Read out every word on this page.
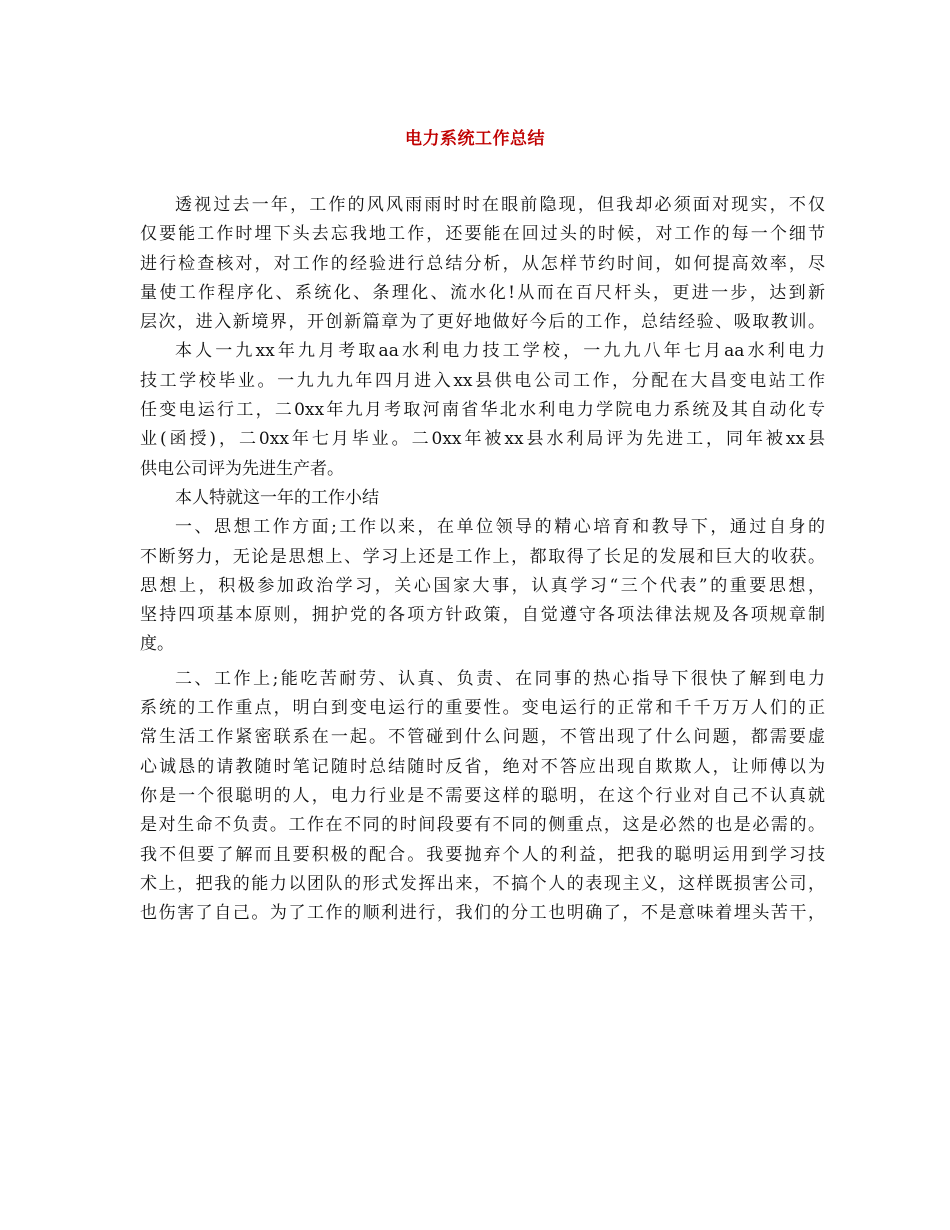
电力系统工作总结
透视过去一年，工作的风风雨雨时时在眼前隐现，但我却必须面对现实，不仅
仅要能工作时埋下头去忘我地工作，还要能在回过头的时候，对工作的每一个细节
进行检查核对，对工作的经验进行总结分析，从怎样节约时间，如何提高效率，尽
量使工作程序化、系统化、条理化、流水化!从而在百尺杆头，更进一步，达到新
层次，进入新境界，开创新篇章为了更好地做好今后的工作，总结经验、吸取教训。
本人一九xx年九月考取aa水利电力技工学校，一九九八年七月aa水利电力
技工学校毕业。一九九九年四月进入xx县供电公司工作，分配在大昌变电站工作
任变电运行工，二0xx年九月考取河南省华北水利电力学院电力系统及其自动化专
业(函授)，二0xx年七月毕业。二0xx年被xx县水利局评为先进工，同年被xx县
供电公司评为先进生产者。
本人特就这一年的工作小结
一、思想工作方面;工作以来，在单位领导的精心培育和教导下，通过自身的
不断努力，无论是思想上、学习上还是工作上，都取得了长足的发展和巨大的收获。
思想上，积极参加政治学习，关心国家大事，认真学习“三个代表”的重要思想，
坚持四项基本原则，拥护党的各项方针政策，自觉遵守各项法律法规及各项规章制
度。
二、工作上;能吃苦耐劳、认真、负责、在同事的热心指导下很快了解到电力
系统的工作重点，明白到变电运行的重要性。变电运行的正常和千千万万人们的正
常生活工作紧密联系在一起。不管碰到什么问题，不管出现了什么问题，都需要虚
心诚恳的请教随时笔记随时总结随时反省，绝对不答应出现自欺欺人，让师傅以为
你是一个很聪明的人，电力行业是不需要这样的聪明，在这个行业对自己不认真就
是对生命不负责。工作在不同的时间段要有不同的侧重点，这是必然的也是必需的。
我不但要了解而且要积极的配合。我要抛弃个人的利益，把我的聪明运用到学习技
术上，把我的能力以团队的形式发挥出来，不搞个人的表现主义，这样既损害公司，
也伤害了自己。为了工作的顺利进行，我们的分工也明确了，不是意味着埋头苦干，
